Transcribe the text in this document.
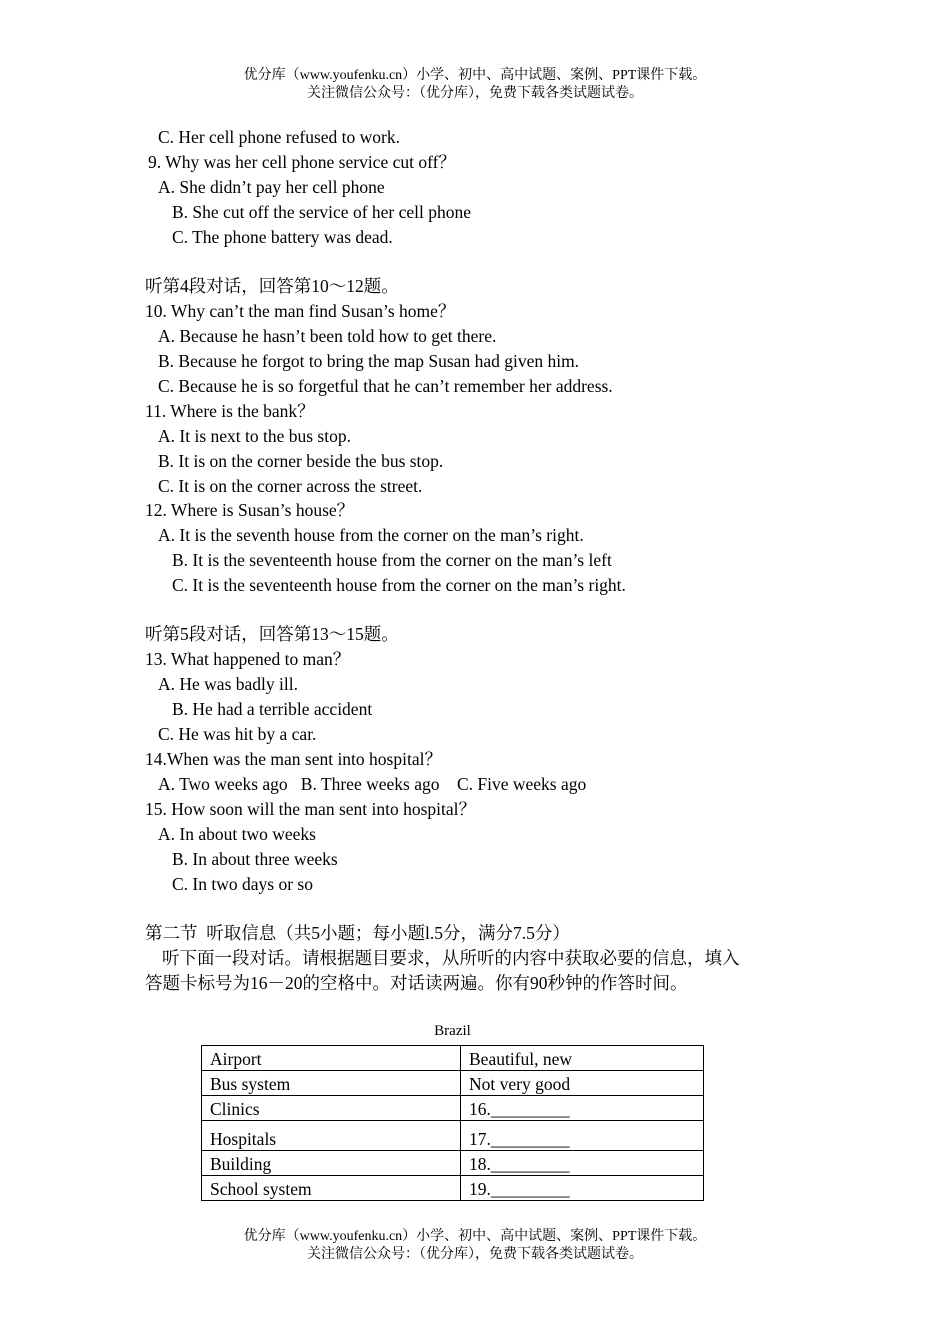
优分库（www.youfenku.cn）小学、初中、高中试题、案例、PPT课件下载。
关注微信公众号：（优分库），免费下载各类试题试卷。
C. Her cell phone refused to work.
9. Why was her cell phone service cut off？
A. She didn’t pay her cell phone
B. She cut off the service of her cell phone
C. The phone battery was dead.
听第4段对话，回答第10～12题。
10. Why can’t the man find Susan’s home？
A. Because he hasn’t been told how to get there.
B. Because he forgot to bring the map Susan had given him.
C. Because he is so forgetful that he can’t remember her address.
11. Where is the bank？
A. It is next to the bus stop.
B. It is on the corner beside the bus stop.
C. It is on the corner across the street.
12. Where is Susan’s house？
A. It is the seventh house from the corner on the man’s right.
B. It is the seventeenth house from the corner on the man’s left
C. It is the seventeenth house from the corner on the man’s right.
听第5段对话，回答第13～15题。
13. What happened to man？
A. He was badly ill.
B. He had a terrible accident
C. He was hit by a car.
14.When was the man sent into hospital？
A. Two weeks ago   B. Three weeks ago    C. Five weeks ago
15. How soon will the man sent into hospital？
A. In about two weeks
B. In about three weeks
C. In two days or so
第二节  听取信息（共5小题；每小题l.5分，满分7.5分）
听下面一段对话。请根据题目要求，从所听的内容中获取必要的信息，填入
答题卡标号为16－20的空格中。对话读两遍。你有90秒钟的作答时间。
Brazil
Airport	Beautiful, new
Bus system	Not very good
Clinics	16._________
Hospitals	17._________
Building	18._________
School system	19._________
优分库（www.youfenku.cn）小学、初中、高中试题、案例、PPT课件下载。
关注微信公众号：（优分库），免费下载各类试题试卷。
